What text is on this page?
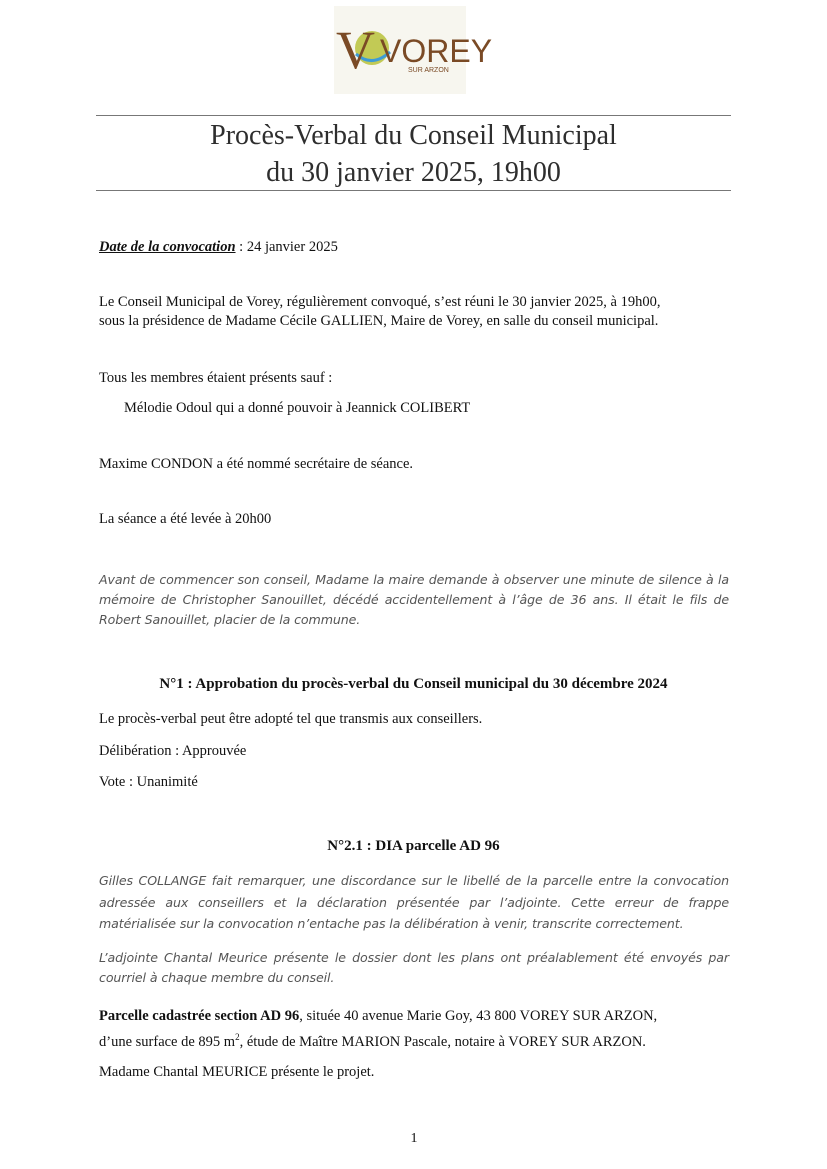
V VOREY
SUR ARZON
Procès-Verbal du Conseil Municipal
du 30 janvier 2025, 19h00
Date de la convocation : 24 janvier 2025
Le Conseil Municipal de Vorey, régulièrement convoqué, s’est réuni le 30 janvier 2025, à 19h00,
sous la présidence de Madame Cécile GALLIEN, Maire de Vorey, en salle du conseil municipal.
Tous les membres étaient présents sauf :
Mélodie Odoul qui a donné pouvoir à Jeannick COLIBERT
Maxime CONDON a été nommé secrétaire de séance.
La séance a été levée à 20h00
Avant de commencer son conseil, Madame la maire demande à observer une minute de silence à la mémoire de Christopher Sanouillet, décédé accidentellement à l’âge de 36 ans. Il était le fils de Robert Sanouillet, placier de la commune.
N°1 : Approbation du procès-verbal du Conseil municipal du 30 décembre 2024
Le procès-verbal peut être adopté tel que transmis aux conseillers.
Délibération : Approuvée
Vote : Unanimité
N°2.1 : DIA parcelle AD 96
Gilles COLLANGE fait remarquer, une discordance sur le libellé de la parcelle entre la convocation adressée aux conseillers et la déclaration présentée par l’adjointe. Cette erreur de frappe matérialisée sur la convocation n’entache pas la délibération à venir, transcrite correctement.
L’adjointe Chantal Meurice présente le dossier dont les plans ont préalablement été envoyés par courriel à chaque membre du conseil.
Parcelle cadastrée section AD 96, située 40 avenue Marie Goy, 43 800 VOREY SUR ARZON,
d’une surface de 895 $m^2$, étude de Maître MARION Pascale, notaire à VOREY SUR ARZON.
Madame Chantal MEURICE présente le projet.
1
